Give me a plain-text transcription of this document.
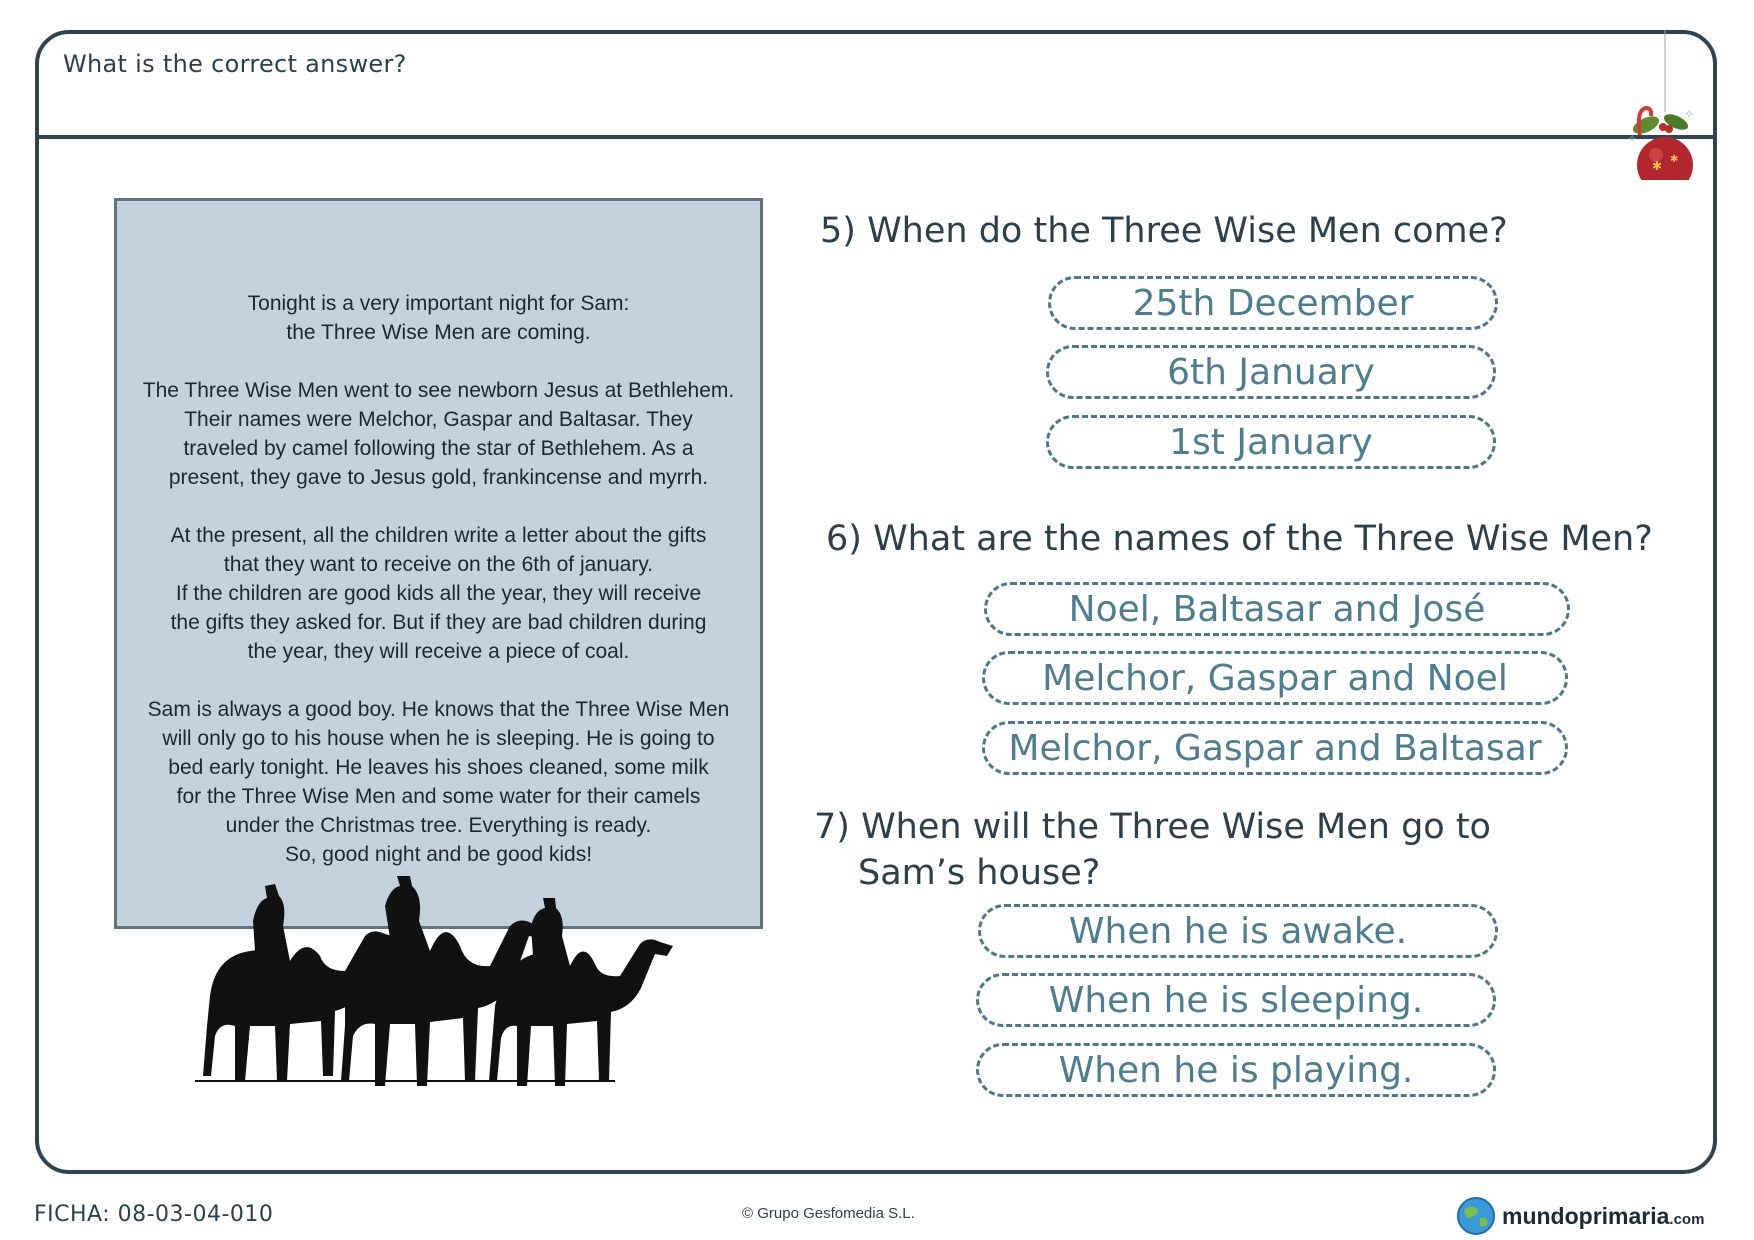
What is the correct answer?
✱ ✱
✧
✧

Tonight is a very important night for Sam:
the Three Wise Men are coming.

The Three Wise Men went to see newborn Jesus at Bethlehem.
Their names were Melchor, Gaspar and Baltasar. They
traveled by camel following the star of Bethlehem. As a
present, they gave to Jesus gold, frankincense and myrrh.

At the present, all the children write a letter about the gifts
that they want to receive on the 6th of january.
If the children are good kids all the year, they will receive
the gifts they asked for. But if they are bad children during
the year, they will receive a piece of coal.

Sam is always a good boy. He knows that the Three Wise Men
will only go to his house when he is sleeping. He is going to
bed early tonight. He leaves his shoes cleaned, some milk
for the Three Wise Men and some water for their camels
under the Christmas tree. Everything is ready.
So, good night and be good kids!

5) When do the Three Wise Men come?
25th December
6th January
1st January
6) What are the names of the Three Wise Men?
Noel, Baltasar and José
Melchor, Gaspar and Noel
Melchor, Gaspar and Baltasar
7) When will the Three Wise Men go to
Sam’s house?
When he is awake.
When he is sleeping.
When he is playing.
FICHA: 08-03-04-010	© Grupo Gesfomedia S.L.	mundoprimaria.com
